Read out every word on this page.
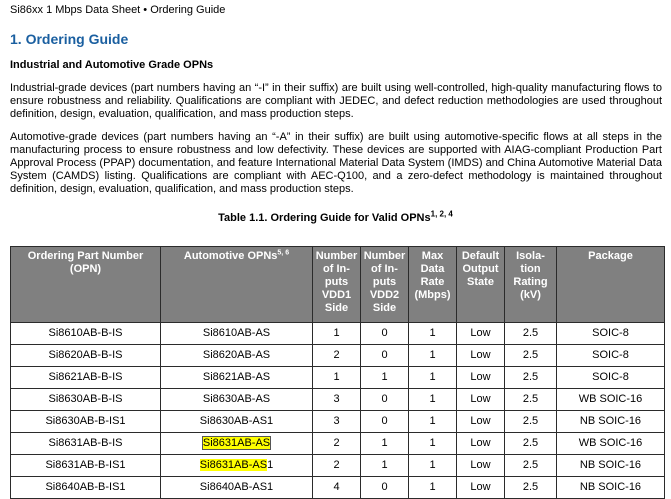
Si86xx 1 Mbps Data Sheet • Ordering Guide
1. Ordering Guide
Industrial and Automotive Grade OPNs

Industrial-grade devices (part numbers having an “-I” in their suffix) are built using well-controlled, high-quality manufacturing flows to ensure robustness and reliability. Qualifications are compliant with JEDEC, and defect reduction methodologies are used throughout definition, design, evaluation, qualification, and mass production steps.

Automotive-grade devices (part numbers having an “-A” in their suffix) are built using automotive-specific flows at all steps in the manufacturing process to ensure robustness and low defectivity. These devices are supported with AIAG-compliant Production Part Approval Process (PPAP) documentation, and feature International Material Data System (IMDS) and China Automotive Material Data System (CAMDS) listing. Qualifications are compliant with AEC-Q100, and a zero-defect methodology is maintained throughout definition, design, evaluation, qualification, and mass production steps.

Table 1.1. Ordering Guide for Valid OPNs$^{1, 2, 4}$
Ordering Part Number (OPN)	Automotive OPNs$^{5, 6}$	Number of In-puts VDD1 Side	Number of In-puts VDD2 Side	Max Data Rate (Mbps)	Default Output State	Isola-tion Rating (kV)	Package
Si8610AB-B-IS	Si8610AB-AS	1	0	1	Low	2.5	SOIC-8
Si8620AB-B-IS	Si8620AB-AS	2	0	1	Low	2.5	SOIC-8
Si8621AB-B-IS	Si8621AB-AS	1	1	1	Low	2.5	SOIC-8
Si8630AB-B-IS	Si8630AB-AS	3	0	1	Low	2.5	WB SOIC-16
Si8630AB-B-IS1	Si8630AB-AS1	3	0	1	Low	2.5	NB SOIC-16
Si8631AB-B-IS	Si8631AB-AS	2	1	1	Low	2.5	WB SOIC-16
Si8631AB-B-IS1	Si8631AB-AS1	2	1	1	Low	2.5	NB SOIC-16
Si8640AB-B-IS1	Si8640AB-AS1	4	0	1	Low	2.5	NB SOIC-16
